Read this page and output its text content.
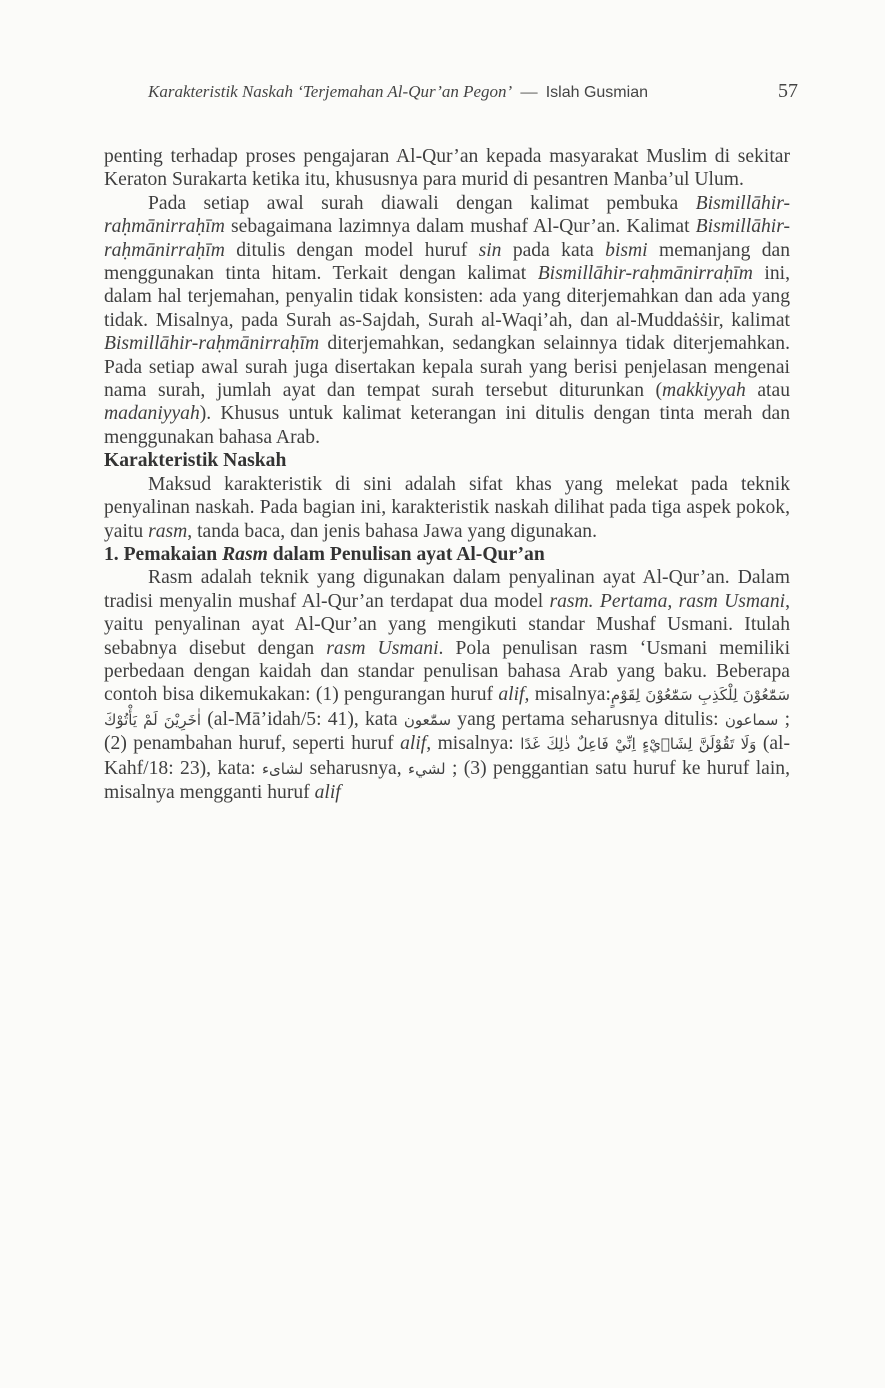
Karakteristik Naskah ‘Terjemahan Al-Qur’an Pegon’ — Islah Gusmian	57

penting terhadap proses pengajaran Al-Qur’an kepada masyarakat Muslim di sekitar Keraton Surakarta ketika itu, khususnya para murid di pesantren Manba’ul Ulum.

Pada setiap awal surah diawali dengan kalimat pembuka Bismillāhir-raḥmānirraḥīm sebagaimana lazimnya dalam mushaf Al-Qur’an. Kalimat Bismillāhir-raḥmānirraḥīm ditulis dengan model huruf sin pada kata bismi memanjang dan menggunakan tinta hitam. Terkait dengan kalimat Bismillāhir-raḥmānirraḥīm ini, dalam hal terjemahan, penyalin tidak konsisten: ada yang diterjemahkan dan ada yang tidak. Misalnya, pada Surah as-Sajdah, Surah al-Waqi’ah, dan al-Muddaṡṡir, kalimat Bismillāhir-raḥmānirraḥīm diterjemahkan, sedangkan selainnya tidak diterjemahkan. Pada setiap awal surah juga disertakan kepala surah yang berisi penjelasan mengenai nama surah, jumlah ayat dan tempat surah tersebut diturunkan (makkiyyah atau madaniyyah). Khusus untuk kalimat keterangan ini ditulis dengan tinta merah dan menggunakan bahasa Arab.

Karakteristik Naskah

Maksud karakteristik di sini adalah sifat khas yang melekat pada teknik penyalinan naskah. Pada bagian ini, karakteristik naskah dilihat pada tiga aspek pokok, yaitu rasm, tanda baca, dan jenis bahasa Jawa yang digunakan.

1. Pemakaian Rasm dalam Penulisan ayat Al-Qur’an

Rasm adalah teknik yang digunakan dalam penyalinan ayat Al-Qur’an. Dalam tradisi menyalin mushaf Al-Qur’an terdapat dua model rasm. Pertama, rasm Usmani, yaitu penyalinan ayat Al-Qur’an yang mengikuti standar Mushaf Usmani. Itulah sebabnya disebut dengan rasm Usmani. Pola penulisan rasm ‘Usmani memiliki perbedaan dengan kaidah dan standar penulisan bahasa Arab yang baku. Beberapa contoh bisa dikemukakan: (1) pengurangan huruf alif, misalnya:سَمّٰعُوْنَ لِلْكَذِبِ سَمّٰعُوْنَ لِقَوْمٍ اٰخَرِيْنَ لَمْ يَأْتُوْكَ (al-Mā’idah/5: 41), kata سمّٰعون yang pertama seharusnya ditulis: سماعون ; (2) penambahan huruf, seperti huruf alif, misalnya: وَلَا تَقُوْلَنَّ لِشَا۟يْءٍ اِنِّيْ فَاعِلٌ ذٰلِكَ غَدًا (al-Kahf/18: 23), kata: لشاىء seharusnya, لشيء ; (3) penggantian satu huruf ke huruf lain, misalnya mengganti huruf alif
